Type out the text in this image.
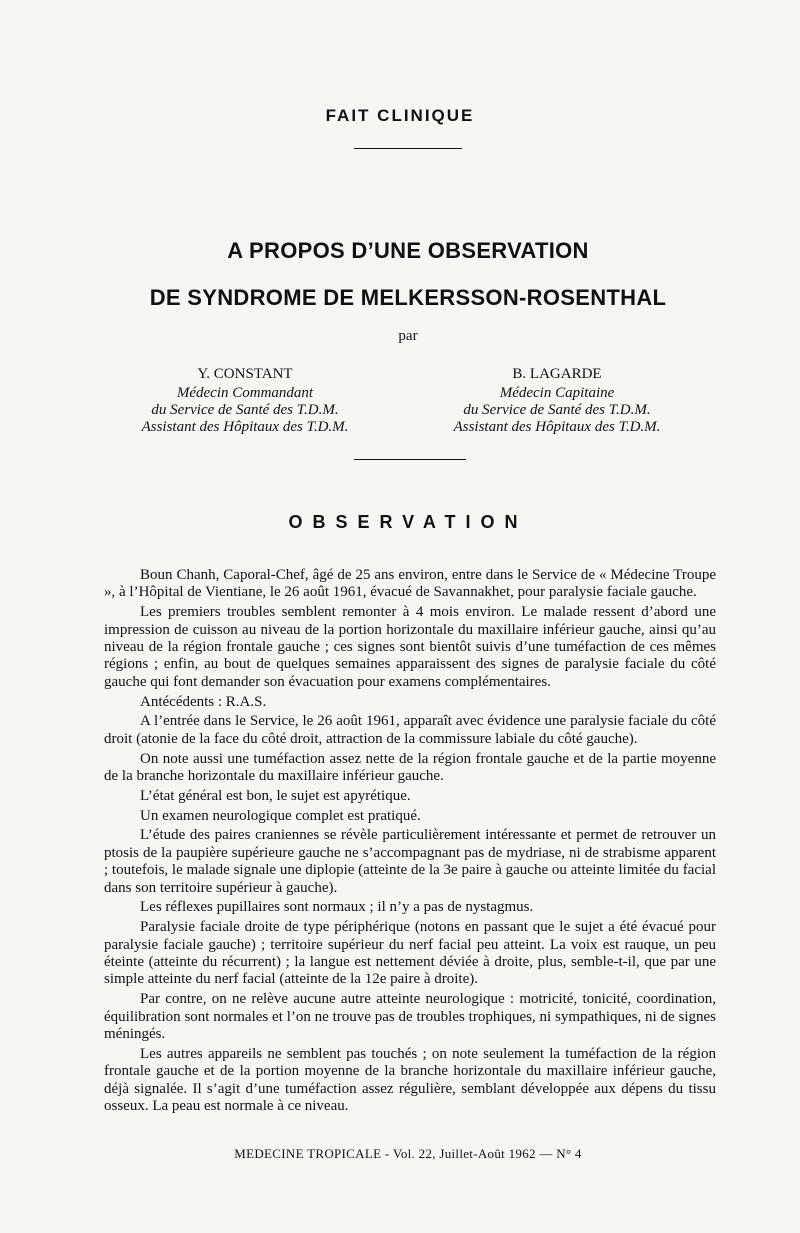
FAIT CLINIQUE
A PROPOS D’UNE OBSERVATION
DE SYNDROME DE MELKERSSON-ROSENTHAL
par
Y. CONSTANT
Médecin Commandant
du Service de Santé des T.D.M.
Assistant des Hôpitaux des T.D.M.
B. LAGARDE
Médecin Capitaine
du Service de Santé des T.D.M.
Assistant des Hôpitaux des T.D.M.
OBSERVATION

Boun Chanh, Caporal-Chef, âgé de 25 ans environ, entre dans le Service de « Médecine Troupe », à l’Hôpital de Vientiane, le 26 août 1961, évacué de Savannakhet, pour paralysie faciale gauche.

Les premiers troubles semblent remonter à 4 mois environ. Le malade ressent d’abord une impression de cuisson au niveau de la portion horizontale du maxillaire inférieur gauche, ainsi qu’au niveau de la région frontale gauche ; ces signes sont bientôt suivis d’une tuméfaction de ces mêmes régions ; enfin, au bout de quelques semaines apparaissent des signes de paralysie faciale du côté gauche qui font demander son évacuation pour examens complémentaires.

Antécédents : R.A.S.

A l’entrée dans le Service, le 26 août 1961, apparaît avec évidence une paralysie faciale du côté droit (atonie de la face du côté droit, attraction de la commissure labiale du côté gauche).

On note aussi une tuméfaction assez nette de la région frontale gauche et de la partie moyenne de la branche horizontale du maxillaire inférieur gauche.

L’état général est bon, le sujet est apyrétique.

Un examen neurologique complet est pratiqué.

L’étude des paires craniennes se révèle particulièrement intéressante et permet de retrouver un ptosis de la paupière supérieure gauche ne s’accompagnant pas de mydriase, ni de strabisme apparent ; toutefois, le malade signale une diplopie (atteinte de la 3e paire à gauche ou atteinte limitée du facial dans son territoire supérieur à gauche).

Les réflexes pupillaires sont normaux ; il n’y a pas de nystagmus.

Paralysie faciale droite de type périphérique (notons en passant que le sujet a été évacué pour paralysie faciale gauche) ; territoire supérieur du nerf facial peu atteint. La voix est rauque, un peu éteinte (atteinte du récurrent) ; la langue est nettement déviée à droite, plus, semble-t-il, que par une simple atteinte du nerf facial (atteinte de la 12e paire à droite).

Par contre, on ne relève aucune autre atteinte neurologique : motricité, tonicité, coordination, équilibration sont normales et l’on ne trouve pas de troubles trophiques, ni sympathiques, ni de signes méningés.

Les autres appareils ne semblent pas touchés ; on note seulement la tuméfaction de la région frontale gauche et de la portion moyenne de la branche horizontale du maxillaire inférieur gauche, déjà signalée. Il s’agit d’une tuméfaction assez régulière, semblant développée aux dépens du tissu osseux. La peau est normale à ce niveau.

MEDECINE TROPICALE - Vol. 22, Juillet-Août 1962 — N° 4
